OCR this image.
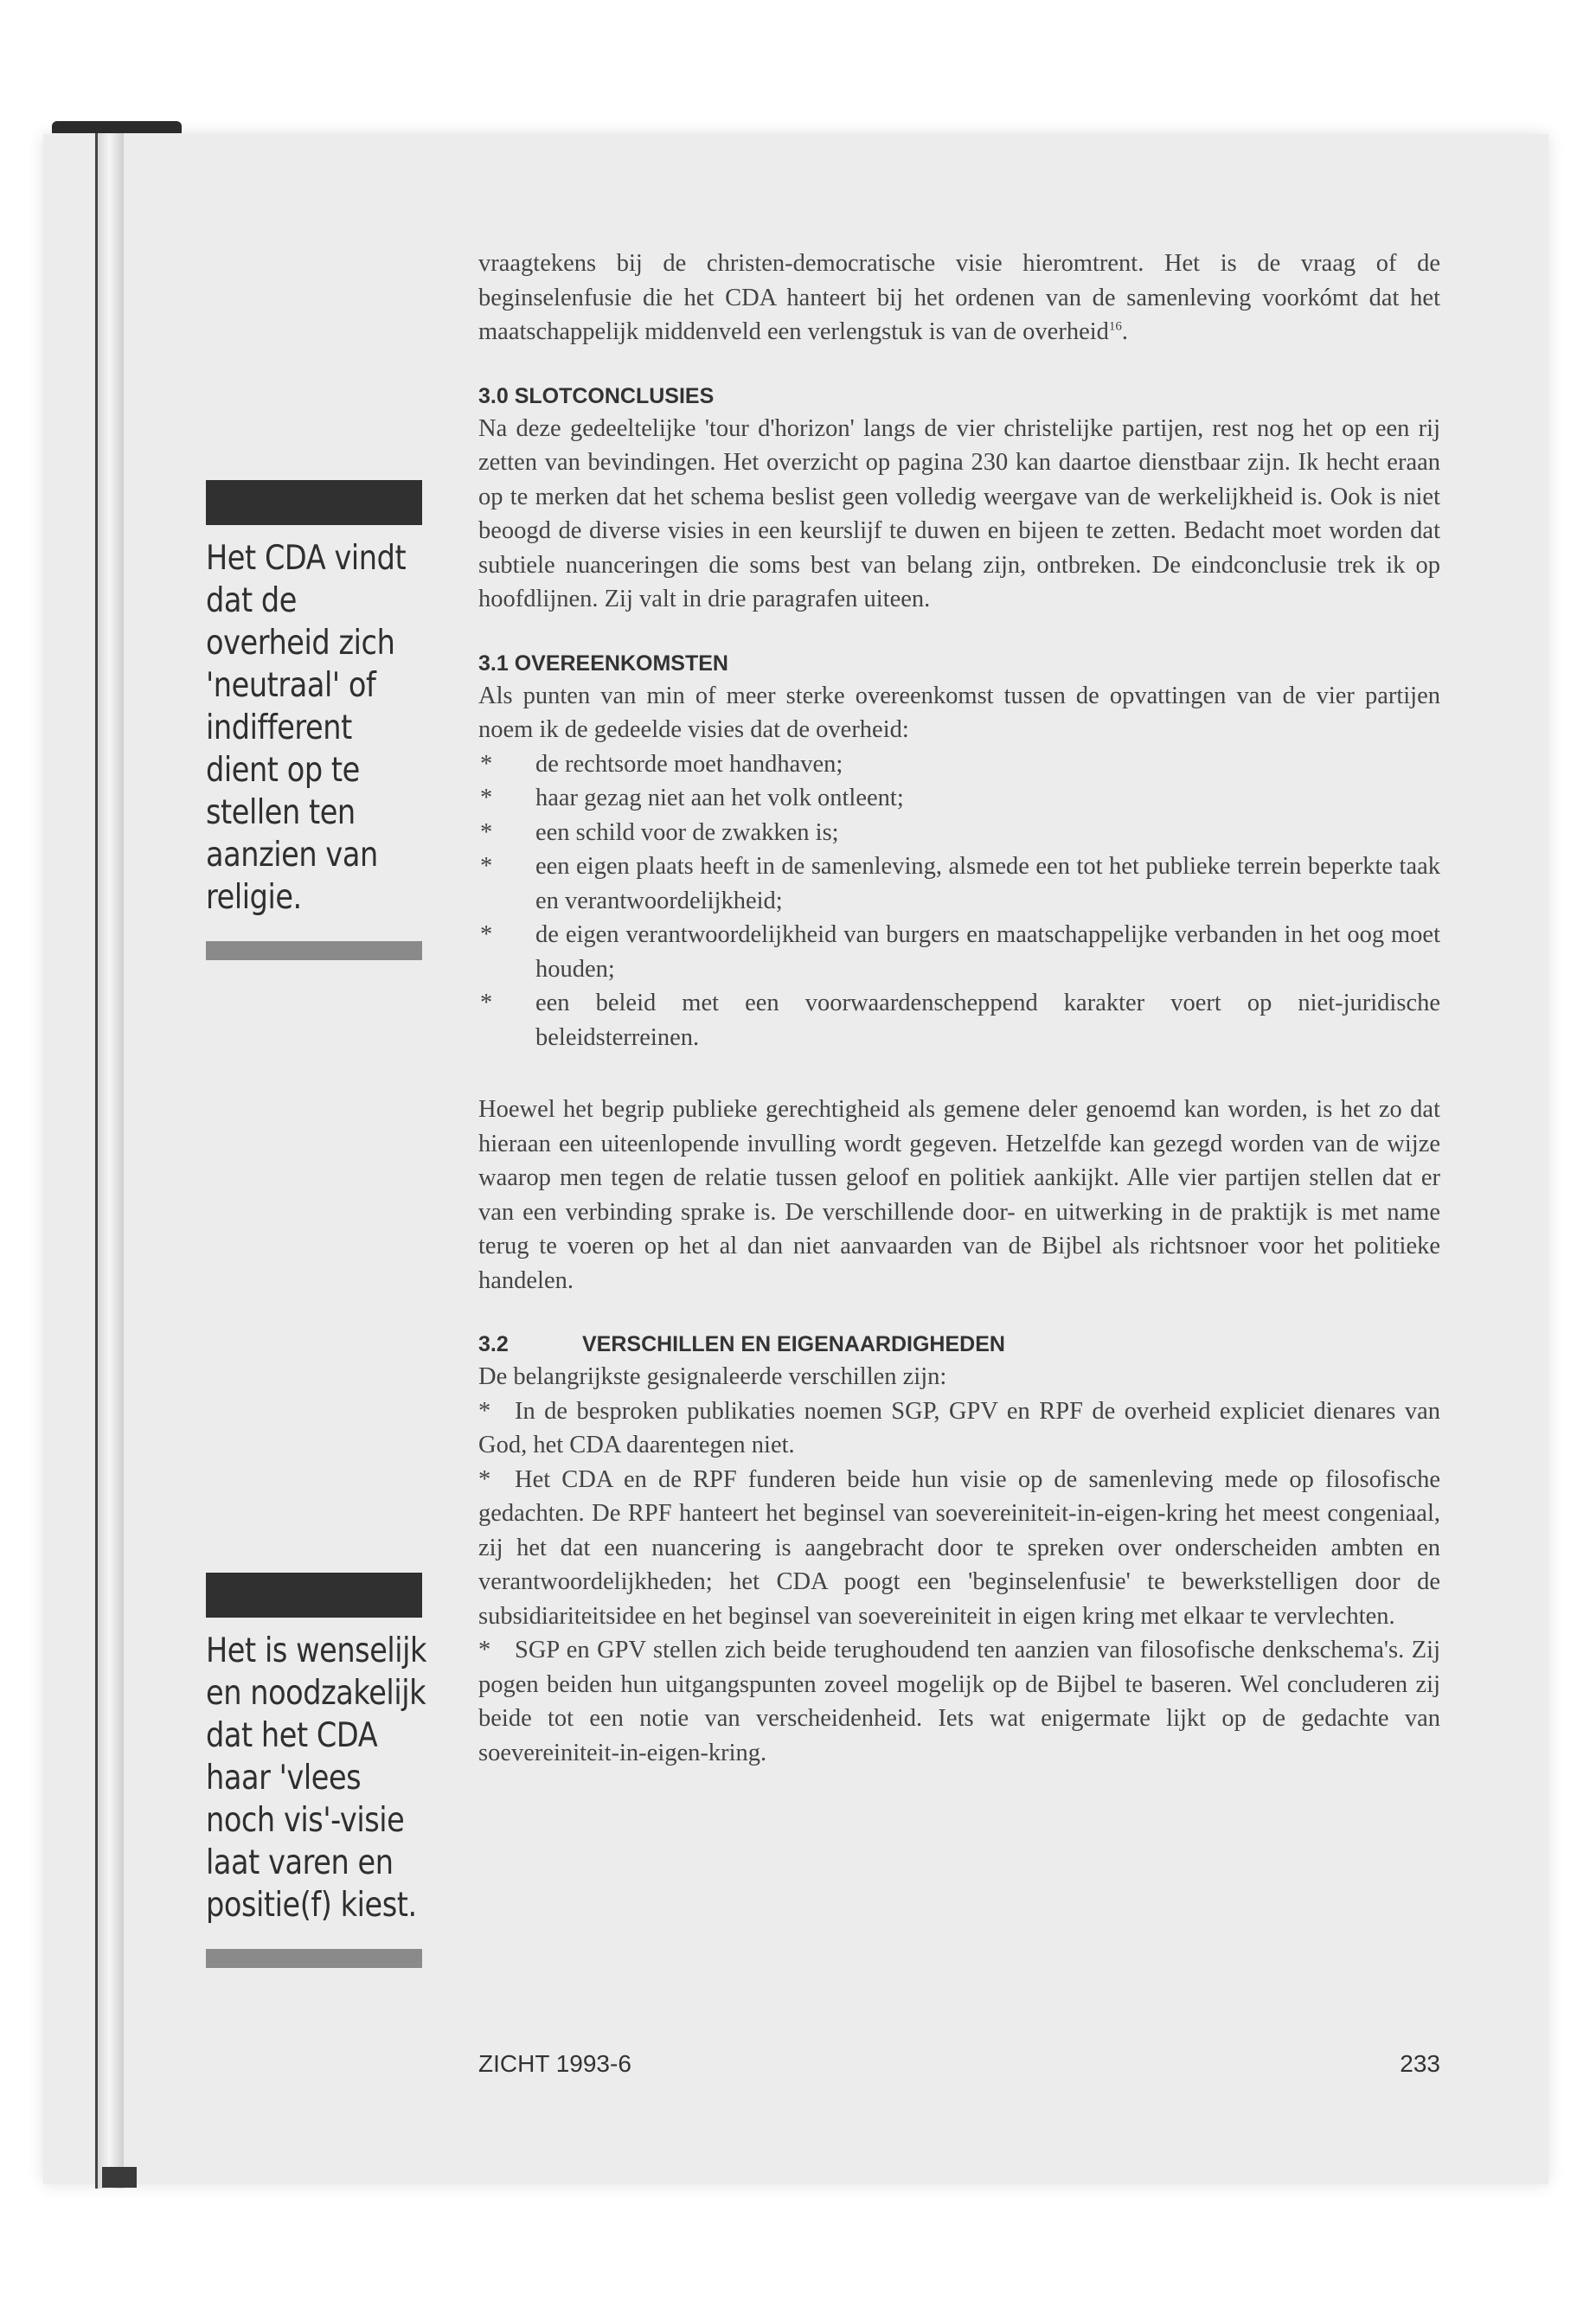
Het CDA vindt dat de overheid zich 'neutraal' of indifferent dient op te stellen ten aanzien van religie.
Het is wenselijk en noodzakelijk dat het CDA haar 'vlees noch vis'-visie laat varen en positie(f) kiest.

vraagtekens bij de christen-democratische visie hieromtrent. Het is de vraag of de beginselenfusie die het CDA hanteert bij het ordenen van de samenleving voorkómt dat het maatschappelijk middenveld een verlengstuk is van de overheid$^{16}$.

3.0 SLOTCONCLUSIES

Na deze gedeeltelijke 'tour d'horizon' langs de vier christelijke partijen, rest nog het op een rij zetten van bevindingen. Het overzicht op pagina 230 kan daartoe dienstbaar zijn. Ik hecht eraan op te merken dat het schema beslist geen volledig weergave van de werkelijkheid is. Ook is niet beoogd de diverse visies in een keurslijf te duwen en bijeen te zetten. Bedacht moet worden dat subtiele nuanceringen die soms best van belang zijn, ontbreken. De eindconclusie trek ik op hoofdlijnen. Zij valt in drie paragrafen uiteen.

3.1 OVEREENKOMSTEN

Als punten van min of meer sterke overeenkomst tussen de opvattingen van de vier partijen noem ik de gedeelde visies dat de overheid:

* de rechtsorde moet handhaven;
* haar gezag niet aan het volk ontleent;
* een schild voor de zwakken is;
* een eigen plaats heeft in de samenleving, alsmede een tot het publieke terrein beperkte taak en verantwoordelijkheid;
* de eigen verantwoordelijkheid van burgers en maatschappelijke verbanden in het oog moet houden;
* een beleid met een voorwaardenscheppend karakter voert op niet-juridische beleidsterreinen.

Hoewel het begrip publieke gerechtigheid als gemene deler genoemd kan worden, is het zo dat hieraan een uiteenlopende invulling wordt gegeven. Hetzelfde kan gezegd worden van de wijze waarop men tegen de relatie tussen geloof en politiek aankijkt. Alle vier partijen stellen dat er van een verbinding sprake is. De verschillende door- en uitwerking in de praktijk is met name terug te voeren op het al dan niet aanvaarden van de Bijbel als richtsnoer voor het politieke handelen.

3.2	VERSCHILLEN EN EIGENAARDIGHEDEN

De belangrijkste gesignaleerde verschillen zijn:

* In de besproken publikaties noemen SGP, GPV en RPF de overheid expliciet dienares van God, het CDA daarentegen niet.

* Het CDA en de RPF funderen beide hun visie op de samenleving mede op filosofische gedachten. De RPF hanteert het beginsel van soevereiniteit-in-eigen-kring het meest congeniaal, zij het dat een nuancering is aangebracht door te spreken over onderscheiden ambten en verantwoordelijkheden; het CDA poogt een 'beginselenfusie' te bewerkstelligen door de subsidiariteitsidee en het beginsel van soevereiniteit in eigen kring met elkaar te vervlechten.

* SGP en GPV stellen zich beide terughoudend ten aanzien van filosofische denkschema's. Zij pogen beiden hun uitgangspunten zoveel mogelijk op de Bijbel te baseren. Wel concluderen zij beide tot een notie van verscheidenheid. Iets wat enigermate lijkt op de gedachte van soevereiniteit-in-eigen-kring.

ZICHT 1993-6	233
